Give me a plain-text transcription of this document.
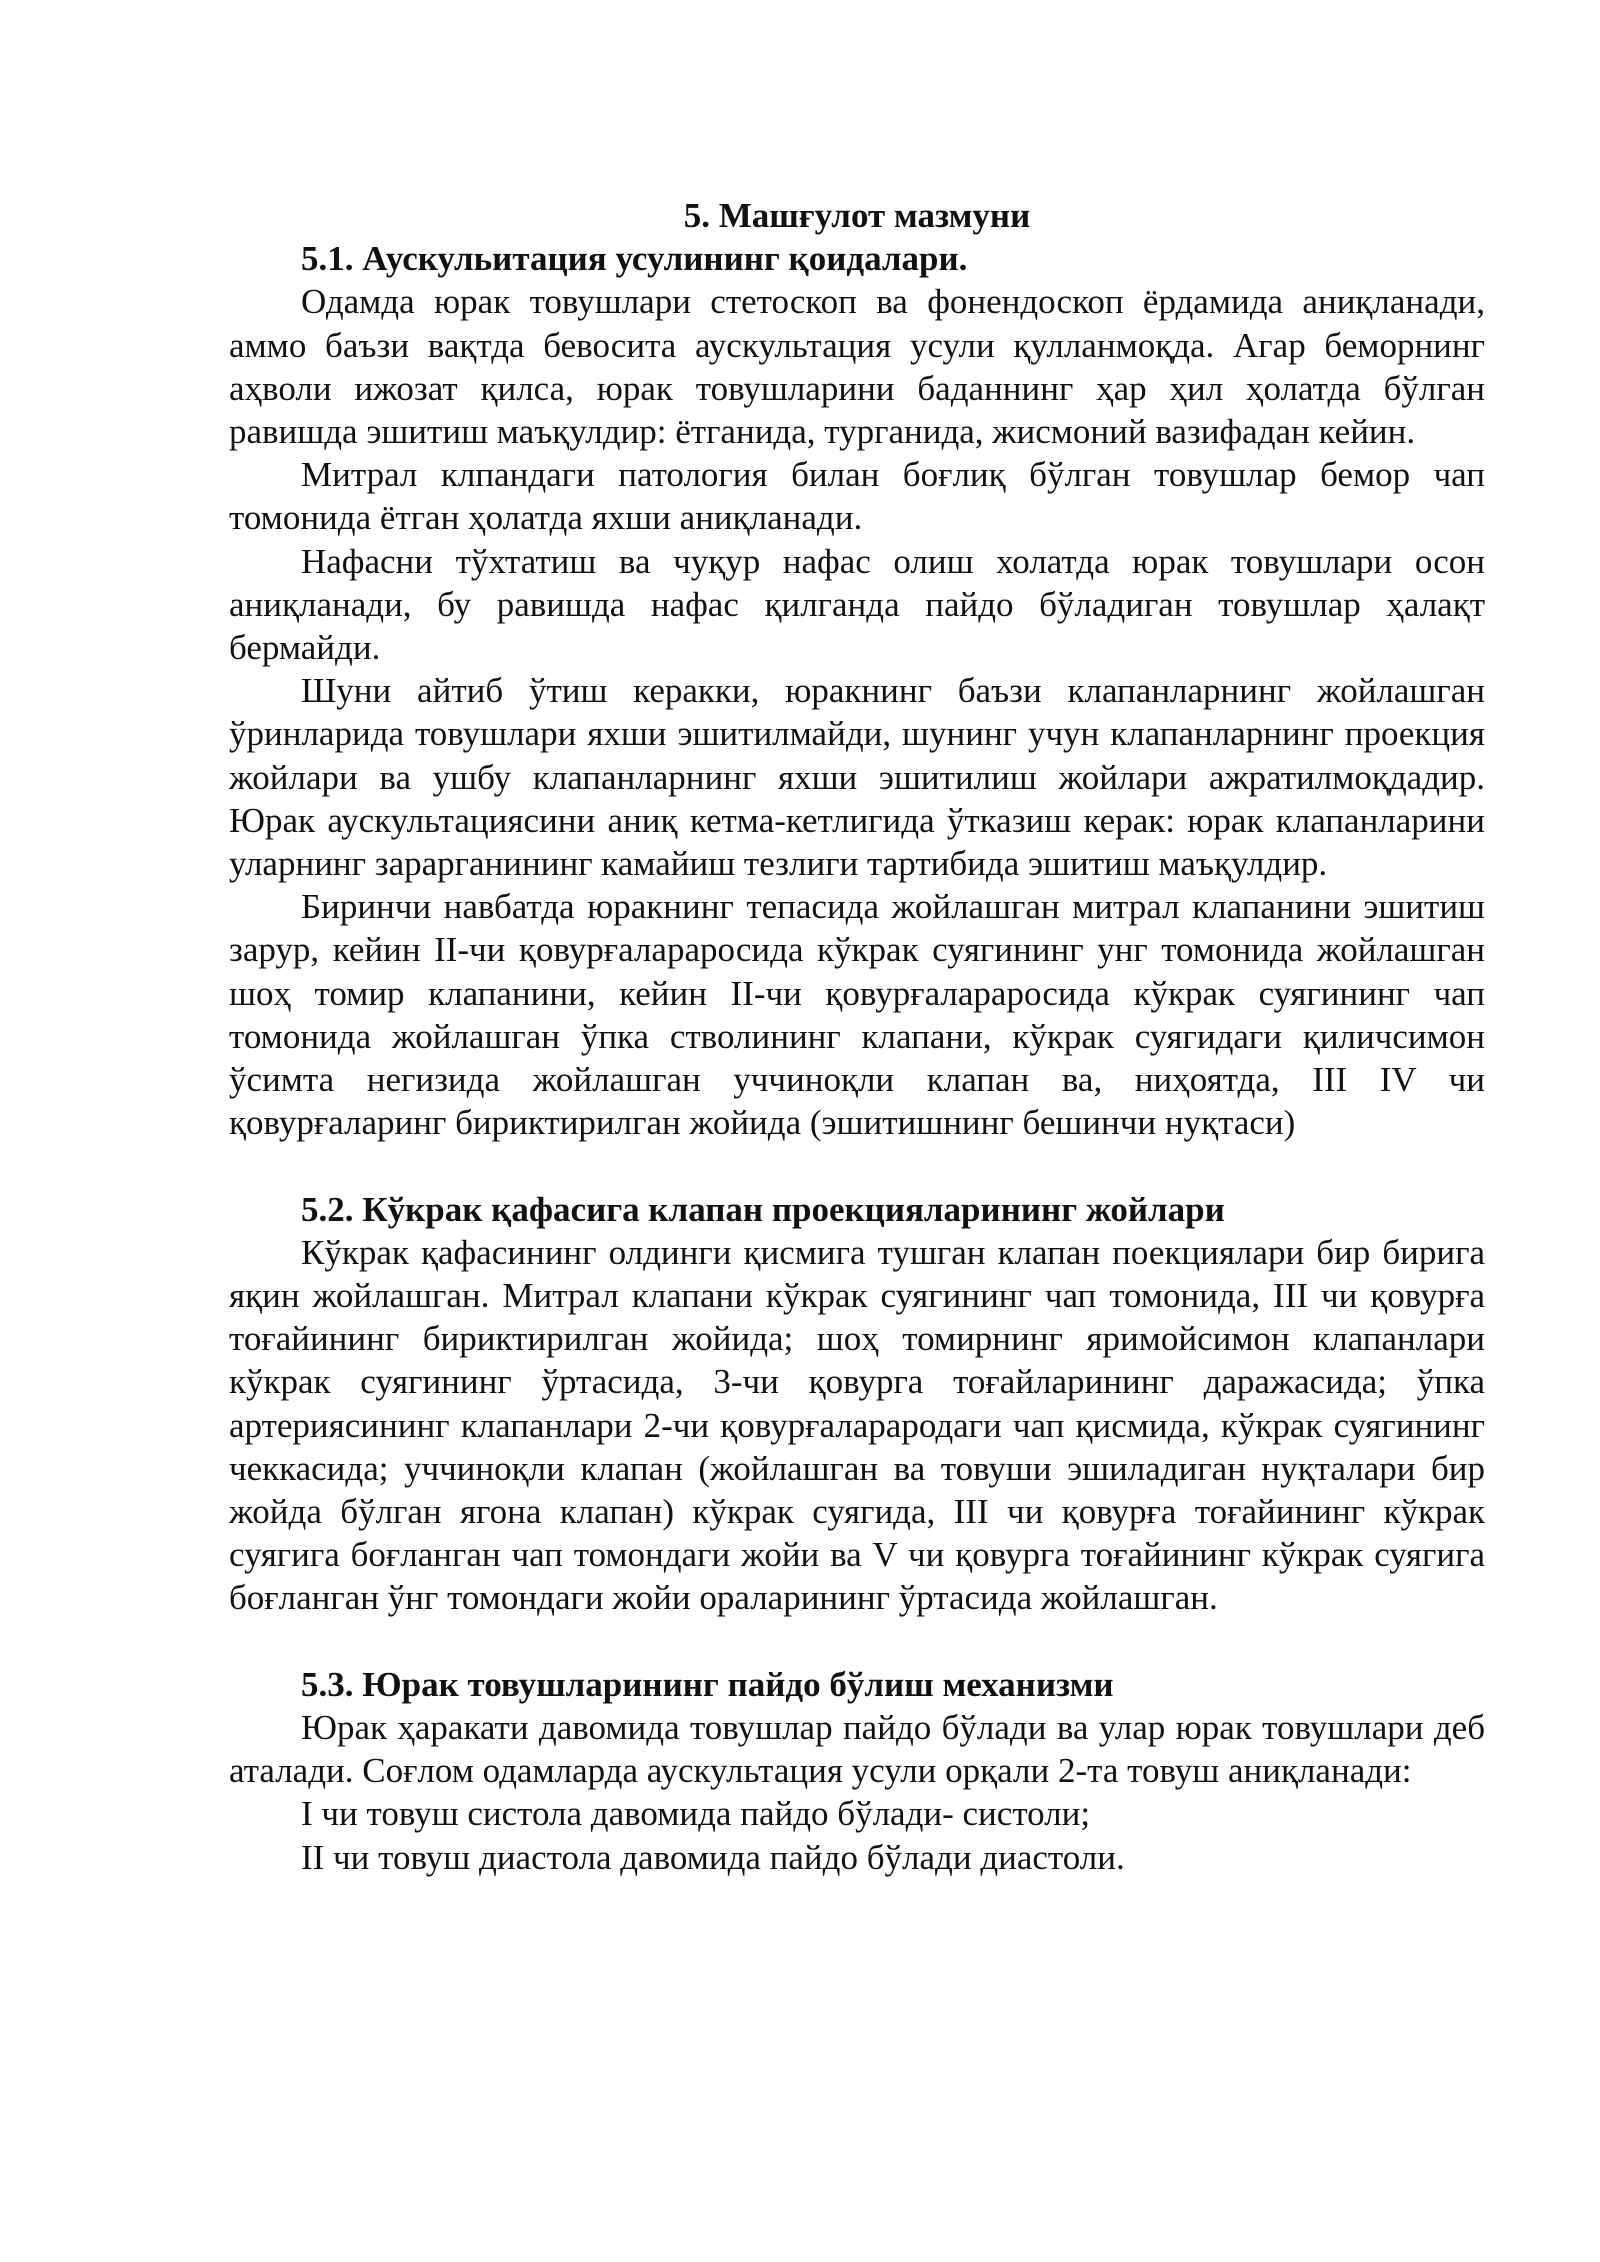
5. Машғулот мазмуни

5.1. Аускульитация усулининг қоидалари.

Одамда юрак товушлари стетоскоп ва фонендоскоп ёрдамида аниқланади, аммо баъзи вақтда бевосита аускультация усули қулланмоқда. Агар беморнинг аҳволи ижозат қилса, юрак товушларини баданнинг ҳар ҳил ҳолатда бўлган равишда эшитиш маъқулдир: ётганида, турганида, жисмоний вазифадан кейин.

Митрал клпандаги патология билан боғлиқ бўлган товушлар бемор чап томонида ётган ҳолатда яхши аниқланади.

Нафасни тўхтатиш ва чуқур нафас олиш холатда юрак товушлари осон аниқланади, бу равишда нафас қилганда пайдо бўладиган товушлар ҳалақт бермайди.

Шуни айтиб ўтиш керакки, юракнинг баъзи клапанларнинг жойлашган ўринларида товушлари яхши эшитилмайди, шунинг учун клапанларнинг проекция жойлари ва ушбу клапанларнинг яхши эшитилиш жойлари ажратилмоқдадир. Юрак аускультациясини аниқ кетма-кетлигида ўтказиш керак: юрак клапанларини уларнинг зарарганининг камайиш тезлиги тартибида эшитиш маъқулдир.

Биринчи навбатда юракнинг тепасида жойлашган митрал клапанини эшитиш зарур, кейин II-чи қовурғалараросида кўкрак суягининг унг томонида жойлашган шоҳ томир клапанини, кейин II-чи қовурғалараросида кўкрак суягининг чап томонида жойлашган ўпка стволининг клапани, кўкрак суягидаги қиличсимон ўсимта негизида жойлашган уччиноқли клапан ва, ниҳоятда, III IV чи қовурғаларинг бириктирилган жойида (эшитишнинг бешинчи нуқтаси)

5.2. Кўкрак қафасига клапан проекцияларининг жойлари

Кўкрак қафасининг олдинги қисмига тушган клапан поекциялари бир бирига яқин жойлашган. Митрал клапани кўкрак суягининг чап томонида, III чи қовурға тоғайининг бириктирилган жойида; шоҳ томирнинг яримойсимон клапанлари кўкрак суягининг ўртасида, 3-чи қовурга тоғайларининг даражасида; ўпка артериясининг клапанлари 2-чи қовурғаларародаги чап қисмида, кўкрак суягининг чеккасида; уччиноқли клапан (жойлашган ва товуши эшиладиган нуқталари бир жойда бўлган ягона клапан) кўкрак суягида, III чи қовурға тоғайининг кўкрак суягига боғланган чап томондаги жойи ва V чи қовурга тоғайининг кўкрак суягига боғланган ўнг томондаги жойи ораларининг ўртасида жойлашган.

5.3. Юрак товушларининг пайдо бўлиш механизми

Юрак ҳаракати давомида товушлар пайдо бўлади ва улар юрак товушлари деб аталади. Соғлом одамларда аускультация усули орқали 2-та товуш аниқланади:

I чи товуш систола давомида пайдо бўлади- систоли;

II чи товуш диастола давомида пайдо бўлади диастоли.
